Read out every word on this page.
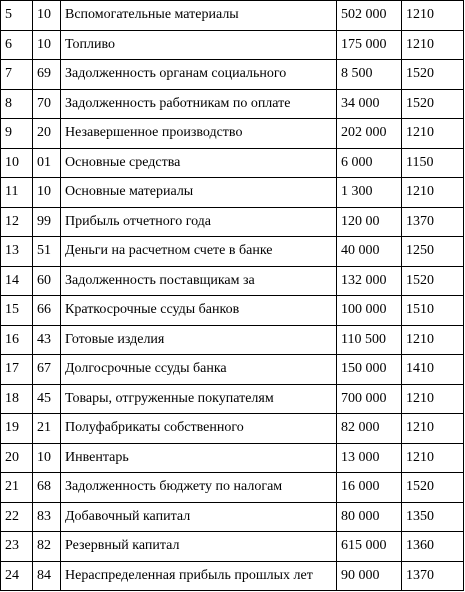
5	10	Вспомогательные материалы	502 000	1210
6	10	Топливо	175 000	1210
7	69	Задолженность органам социального	8 500	1520
8	70	Задолженность работникам по оплате	34 000	1520
9	20	Незавершенное производство	202 000	1210
10	01	Основные средства	6 000	1150
11	10	Основные материалы	1 300	1210
12	99	Прибыль отчетного года	120 00	1370
13	51	Деньги на расчетном счете в банке	40 000	1250
14	60	Задолженность поставщикам за	132 000	1520
15	66	Краткосрочные ссуды банков	100 000	1510
16	43	Готовые изделия	110 500	1210
17	67	Долгосрочные ссуды банка	150 000	1410
18	45	Товары, отгруженные покупателям	700 000	1210
19	21	Полуфабрикаты собственного	82 000	1210
20	10	Инвентарь	13 000	1210
21	68	Задолженность бюджету по налогам	16 000	1520
22	83	Добавочный капитал	80 000	1350
23	82	Резервный капитал	615 000	1360
24	84	Нераспределенная прибыль прошлых лет	90 000	1370
